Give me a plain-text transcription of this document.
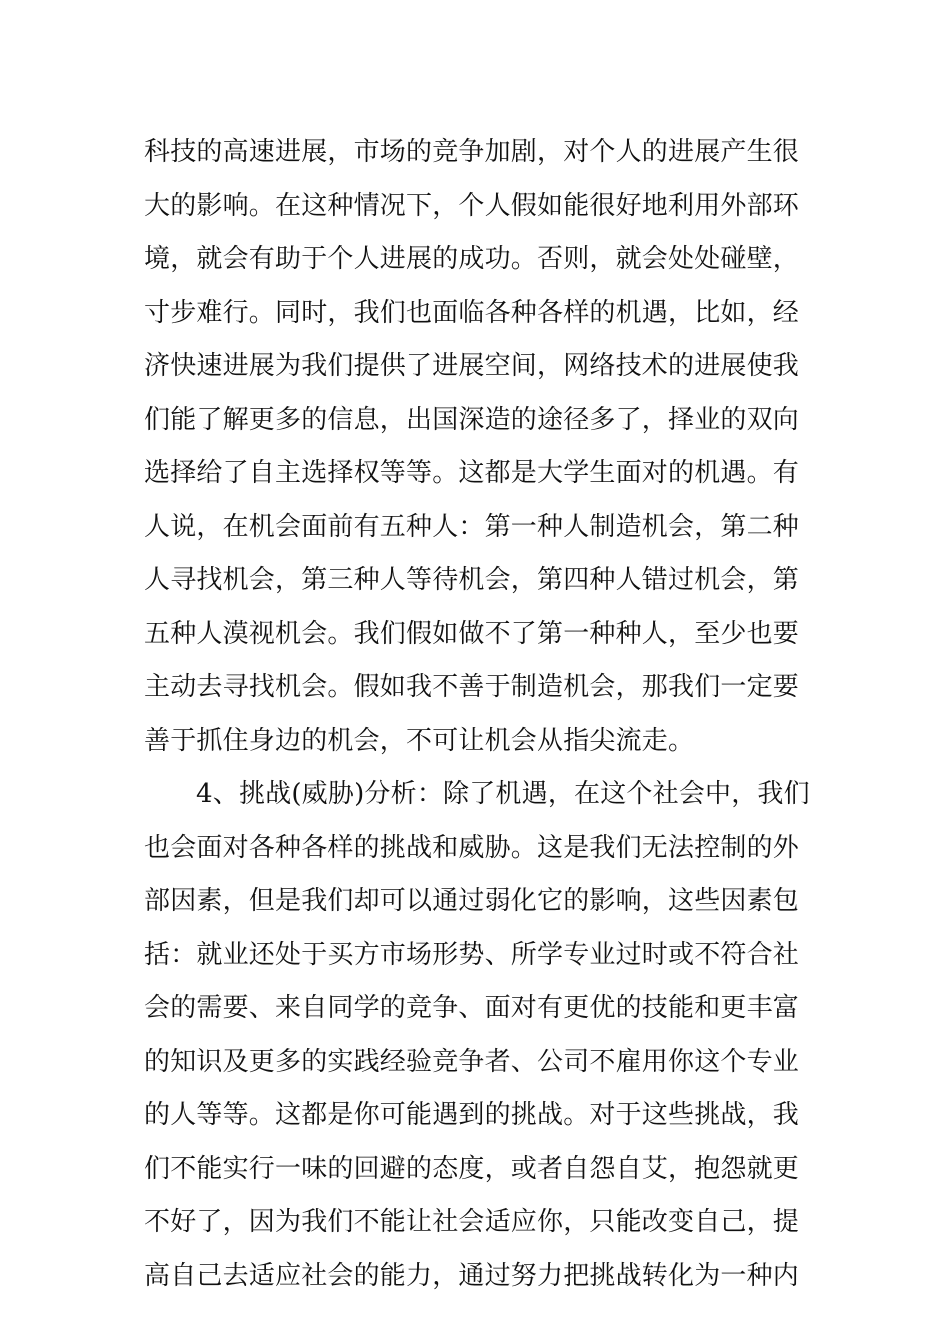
科技的高速进展，市场的竞争加剧，对个人的进展产生很
大的影响。在这种情况下，个人假如能很好地利用外部环
境，就会有助于个人进展的成功。否则，就会处处碰壁，
寸步难行。同时，我们也面临各种各样的机遇，比如，经
济快速进展为我们提供了进展空间，网络技术的进展使我
们能了解更多的信息，出国深造的途径多了，择业的双向
选择给了自主选择权等等。这都是大学生面对的机遇。有
人说，在机会面前有五种人：第一种人制造机会，第二种
人寻找机会，第三种人等待机会，第四种人错过机会，第
五种人漠视机会。我们假如做不了第一种种人，至少也要
主动去寻找机会。假如我不善于制造机会，那我们一定要
善于抓住身边的机会，不可让机会从指尖流走。
4、挑战(威胁)分析：除了机遇，在这个社会中，我们
也会面对各种各样的挑战和威胁。这是我们无法控制的外
部因素，但是我们却可以通过弱化它的影响，这些因素包
括：就业还处于买方市场形势、所学专业过时或不符合社
会的需要、来自同学的竞争、面对有更优的技能和更丰富
的知识及更多的实践经验竞争者、公司不雇用你这个专业
的人等等。这都是你可能遇到的挑战。对于这些挑战，我
们不能实行一味的回避的态度，或者自怨自艾，抱怨就更
不好了，因为我们不能让社会适应你，只能改变自己，提
高自己去适应社会的能力，通过努力把挑战转化为一种内
